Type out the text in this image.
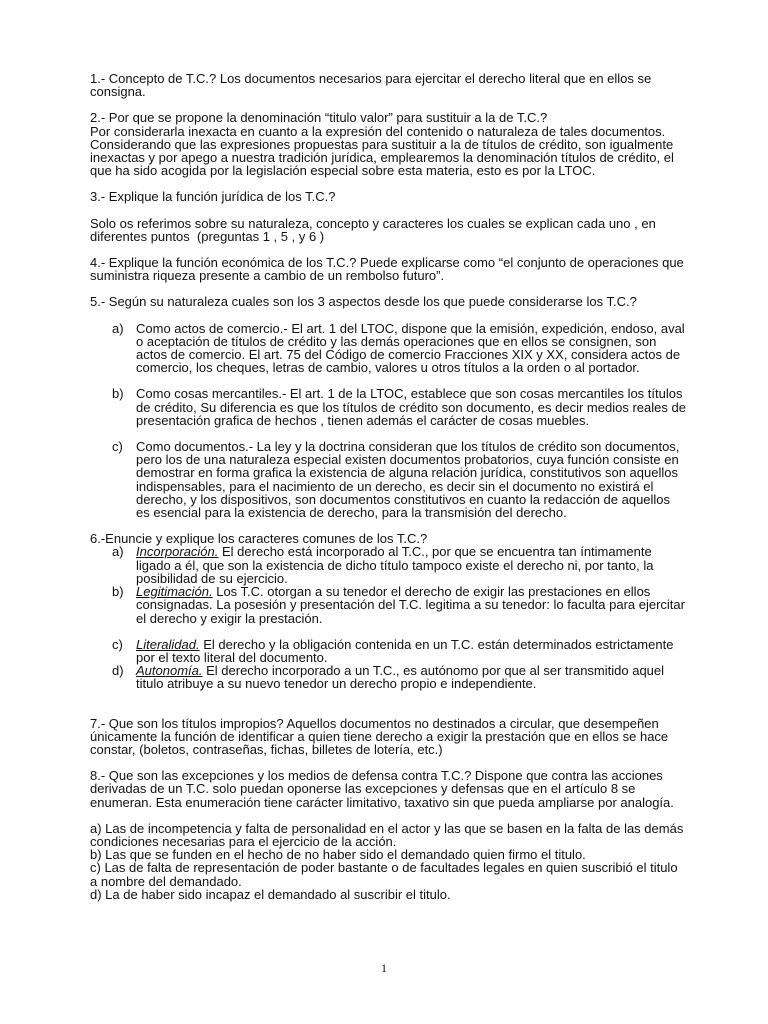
1.- Concepto de T.C.? Los documentos necesarios para ejercitar el derecho literal que en ellos se consigna.

2.- Por que se propone la denominación “titulo valor” para sustituir a la de T.C.?

Por considerarla inexacta en cuanto a la expresión del contenido o naturaleza de tales documentos.

Considerando que las expresiones propuestas para sustituir a la de títulos de crédito, son igualmente inexactas y por apego a nuestra tradición jurídica, emplearemos la denominación títulos de crédito, el que ha sido acogida por la legislación especial sobre esta materia, esto es por la LTOC.

3.- Explique la función jurídica de los T.C.?

Solo os referimos sobre su naturaleza, concepto y caracteres los cuales se explican cada uno , en diferentes puntos  (preguntas 1 , 5 , y 6 )

4.- Explique la función económica de los T.C.? Puede explicarse como “el conjunto de operaciones que suministra riqueza presente a cambio de un rembolso futuro”.

5.- Según su naturaleza cuales son los 3 aspectos desde los que puede considerarse los T.C.?

a) Como actos de comercio.- El art. 1 del LTOC, dispone que la emisión, expedición, endoso, aval o aceptación de títulos de crédito y las demás operaciones que en ellos se consignen, son actos de comercio. El art. 75 del Código de comercio Fracciones XIX y XX, considera actos de comercio, los cheques, letras de cambio, valores u otros títulos a la orden o al portador.
b) Como cosas mercantiles.- El art. 1 de la LTOC, establece que son cosas mercantiles los títulos de crédito, Su diferencia es que los títulos de crédito son documento, es decir medios reales de presentación grafica de hechos , tienen además el carácter de cosas muebles.
c) Como documentos.- La ley y la doctrina consideran que los títulos de crédito son documentos, pero los de una naturaleza especial existen documentos probatorios, cuya función consiste en demostrar en forma grafica la existencia de alguna relación jurídica, constitutivos son aquellos indispensables, para el nacimiento de un derecho, es decir sin el documento no existirá el derecho, y los dispositivos, son documentos constitutivos en cuanto la redacción de aquellos es esencial para la existencia de derecho, para la transmisión del derecho.

6.-Enuncie y explique los caracteres comunes de los T.C.?

a) Incorporación. El derecho está incorporado al T.C., por que se encuentra tan íntimamente ligado a él, que son la existencia de dicho título tampoco existe el derecho ni, por tanto, la posibilidad de su ejercicio.
b) Legitimación. Los T.C. otorgan a su tenedor el derecho de exigir las prestaciones en ellos consignadas. La posesión y presentación del T.C. legitima a su tenedor: lo faculta para ejercitar el derecho y exigir la prestación.
c) Literalidad. El derecho y la obligación contenida en un T.C. están determinados estrictamente por el texto literal del documento.
d) Autonomía. El derecho incorporado a un T.C., es autónomo por que al ser transmitido aquel titulo atribuye a su nuevo tenedor un derecho propio e independiente.

7.- Que son los títulos impropios? Aquellos documentos no destinados a circular, que desempeñen únicamente la función de identificar a quien tiene derecho a exigir la prestación que en ellos se hace constar, (boletos, contraseñas, fichas, billetes de lotería, etc.)

8.- Que son las excepciones y los medios de defensa contra T.C.? Dispone que contra las acciones derivadas de un T.C. solo puedan oponerse las excepciones y defensas que en el artículo 8 se enumeran. Esta enumeración tiene carácter limitativo, taxativo sin que pueda ampliarse por analogía.

a) Las de incompetencia y falta de personalidad en el actor y las que se basen en la falta de las demás condiciones necesarias para el ejercicio de la acción.

b) Las que se funden en el hecho de no haber sido el demandado quien firmo el titulo.

c) Las de falta de representación de poder bastante o de facultades legales en quien suscribió el titulo a nombre del demandado.

d) La de haber sido incapaz el demandado al suscribir el titulo.

1
